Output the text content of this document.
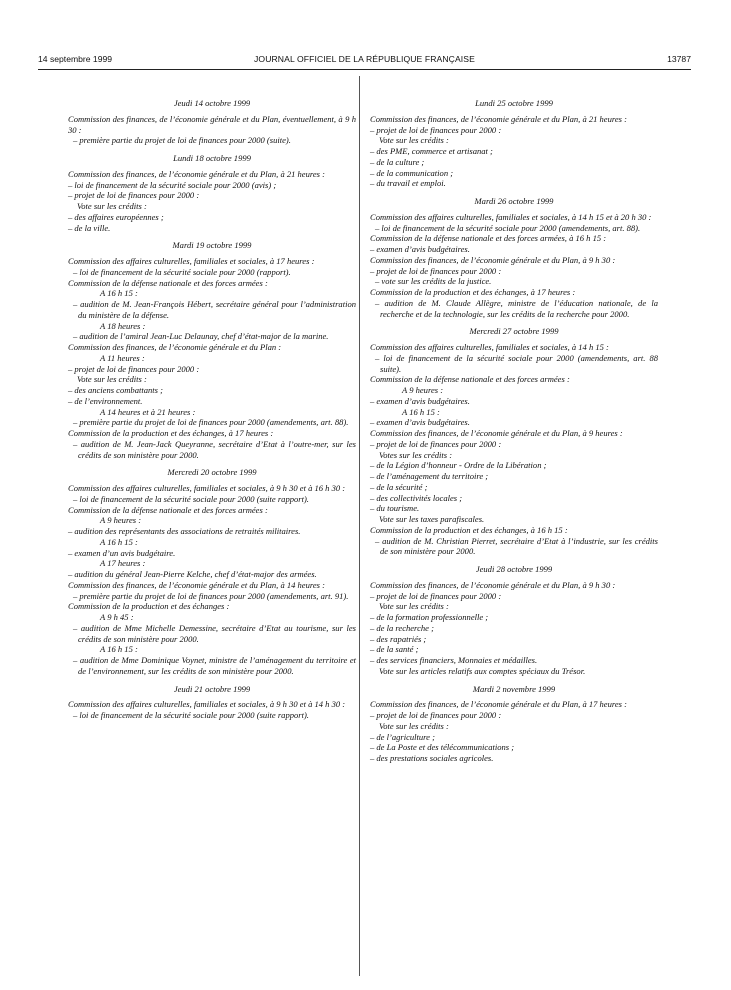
14 septembre 1999	JOURNAL OFFICIEL DE LA RÉPUBLIQUE FRANÇAISE	13787
Jeudi 14 octobre 1999
Commission des finances, de l’économie générale et du Plan, éventuellement, à 9 h 30 :
– première partie du projet de loi de finances pour 2000 (suite).
Lundi 18 octobre 1999
Commission des finances, de l’économie générale et du Plan, à 21 heures :
– loi de financement de la sécurité sociale pour 2000 (avis) ;
– projet de loi de finances pour 2000 :
Vote sur les crédits :
– des affaires européennes ;
– de la ville.
Mardi 19 octobre 1999
Commission des affaires culturelles, familiales et sociales, à 17 heures :
– loi de financement de la sécurité sociale pour 2000 (rapport).
Commission de la défense nationale et des forces armées :
A 16 h 15 :
– audition de M. Jean-François Hébert, secrétaire général pour l’administration du ministère de la défense.
A 18 heures :
– audition de l’amiral Jean-Luc Delaunay, chef d’état-major de la marine.
Commission des finances, de l’économie générale et du Plan :
A 11 heures :
– projet de loi de finances pour 2000 :
Vote sur les crédits :
– des anciens combattants ;
– de l’environnement.
A 14 heures et à 21 heures :
– première partie du projet de loi de finances pour 2000 (amendements, art. 88).
Commission de la production et des échanges, à 17 heures :
– audition de M. Jean-Jack Queyranne, secrétaire d’Etat à l’outre-mer, sur les crédits de son ministère pour 2000.
Mercredi 20 octobre 1999
Commission des affaires culturelles, familiales et sociales, à 9 h 30 et à 16 h 30 :
– loi de financement de la sécurité sociale pour 2000 (suite rapport).
Commission de la défense nationale et des forces armées :
A 9 heures :
– audition des représentants des associations de retraités militaires.
A 16 h 15 :
– examen d’un avis budgétaire.
A 17 heures :
– audition du général Jean-Pierre Kelche, chef d’état-major des armées.
Commission des finances, de l’économie générale et du Plan, à 14 heures :
– première partie du projet de loi de finances pour 2000 (amendements, art. 91).
Commission de la production et des échanges :
A 9 h 45 :
– audition de Mme Michelle Demessine, secrétaire d’Etat au tourisme, sur les crédits de son ministère pour 2000.
A 16 h 15 :
– audition de Mme Dominique Voynet, ministre de l’aménagement du territoire et de l’environnement, sur les crédits de son ministère pour 2000.
Jeudi 21 octobre 1999
Commission des affaires culturelles, familiales et sociales, à 9 h 30 et à 14 h 30 :
– loi de financement de la sécurité sociale pour 2000 (suite rapport).
Lundi 25 octobre 1999
Commission des finances, de l’économie générale et du Plan, à 21 heures :
– projet de loi de finances pour 2000 :
Vote sur les crédits :
– des PME, commerce et artisanat ;
– de la culture ;
– de la communication ;
– du travail et emploi.
Mardi 26 octobre 1999
Commission des affaires culturelles, familiales et sociales, à 14 h 15 et à 20 h 30 :
– loi de financement de la sécurité sociale pour 2000 (amendements, art. 88).
Commission de la défense nationale et des forces armées, à 16 h 15 :
– examen d’avis budgétaires.
Commission des finances, de l’économie générale et du Plan, à 9 h 30 :
– projet de loi de finances pour 2000 :
– vote sur les crédits de la justice.
Commission de la production et des échanges, à 17 heures :
– audition de M. Claude Allègre, ministre de l’éducation nationale, de la recherche et de la technologie, sur les crédits de la recherche pour 2000.
Mercredi 27 octobre 1999
Commission des affaires culturelles, familiales et sociales, à 14 h 15 :
– loi de financement de la sécurité sociale pour 2000 (amendements, art. 88 suite).
Commission de la défense nationale et des forces armées :
A 9 heures :
– examen d’avis budgétaires.
A 16 h 15 :
– examen d’avis budgétaires.
Commission des finances, de l’économie générale et du Plan, à 9 heures :
– projet de loi de finances pour 2000 :
Votes sur les crédits :
– de la Légion d’honneur - Ordre de la Libération ;
– de l’aménagement du territoire ;
– de la sécurité ;
– des collectivités locales ;
– du tourisme.
Vote sur les taxes parafiscales.
Commission de la production et des échanges, à 16 h 15 :
– audition de M. Christian Pierret, secrétaire d’Etat à l’industrie, sur les crédits de son ministère pour 2000.
Jeudi 28 octobre 1999
Commission des finances, de l’économie générale et du Plan, à 9 h 30 :
– projet de loi de finances pour 2000 :
Vote sur les crédits :
– de la formation professionnelle ;
– de la recherche ;
– des rapatriés ;
– de la santé ;
– des services financiers, Monnaies et médailles.
Vote sur les articles relatifs aux comptes spéciaux du Trésor.
Mardi 2 novembre 1999
Commission des finances, de l’économie générale et du Plan, à 17 heures :
– projet de loi de finances pour 2000 :
Vote sur les crédits :
– de l’agriculture ;
– de La Poste et des télécommunications ;
– des prestations sociales agricoles.
